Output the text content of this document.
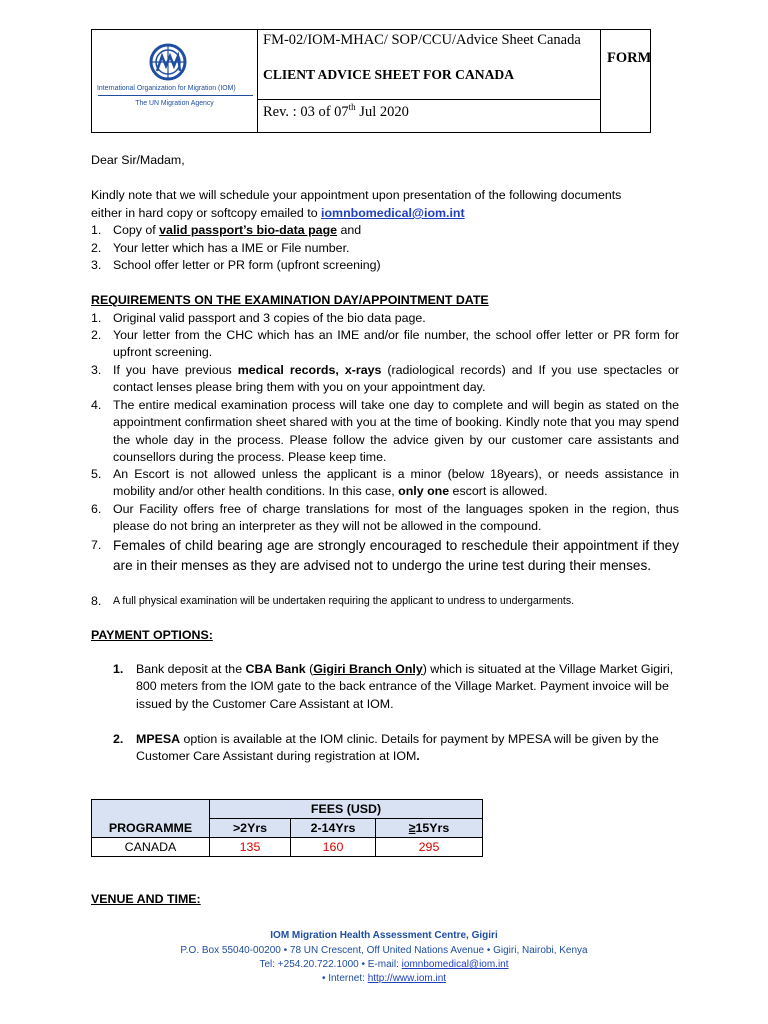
International Organization for Migration (IOM)
The UN Migration Agency
FM-02/IOM-MHAC/ SOP/CCU/Advice Sheet Canada
CLIENT ADVICE SHEET FOR CANADA
Rev. : 03 of 07th Jul 2020
FORM
Dear Sir/Madam,
Kindly note that we will schedule your appointment upon presentation of the following documents
either in hard copy or softcopy emailed to iomnbomedical@iom.int
1. Copy of valid passport’s bio-data page and
2. Your letter which has a IME or File number.
3. School offer letter or PR form (upfront screening)
REQUIREMENTS ON THE EXAMINATION DAY/APPOINTMENT DATE
1. Original valid passport and 3 copies of the bio data page.
2. Your letter from the CHC which has an IME and/or file number, the school offer letter or PR form for upfront screening.
3. If you have previous medical records, x-rays (radiological records) and If you use spectacles or contact lenses please bring them with you on your appointment day.
4. The entire medical examination process will take one day to complete and will begin as stated on the appointment confirmation sheet shared with you at the time of booking. Kindly note that you may spend the whole day in the process. Please follow the advice given by our customer care assistants and counsellors during the process. Please keep time.
5. An Escort is not allowed unless the applicant is a minor (below 18years), or needs assistance in mobility and/or other health conditions. In this case, only one escort is allowed.
6. Our Facility offers free of charge translations for most of the languages spoken in the region, thus please do not bring an interpreter as they will not be allowed in the compound.
7. Females of child bearing age are strongly encouraged to reschedule their appointment if they are in their menses as they are advised not to undergo the urine test during their menses.
8. A full physical examination will be undertaken requiring the applicant to undress to undergarments.
PAYMENT OPTIONS:
1. Bank deposit at the CBA Bank (Gigiri Branch Only) which is situated at the Village Market Gigiri, 800 meters from the IOM gate to the back entrance of the Village Market. Payment invoice will be issued by the Customer Care Assistant at IOM.
2. MPESA option is available at the IOM clinic. Details for payment by MPESA will be given by the Customer Care Assistant during registration at IOM.
	FEES (USD)		
PROGRAMME	>2Yrs	2-14Yrs	≥15Yrs
CANADA	135	160	295
VENUE AND TIME:
IOM Migration Health Assessment Centre, Gigiri
P.O. Box 55040-00200 • 78 UN Crescent, Off United Nations Avenue • Gigiri, Nairobi, Kenya
Tel: +254.20.722.1000 • E-mail: iomnbomedical@iom.int
• Internet: http://www.iom.int
